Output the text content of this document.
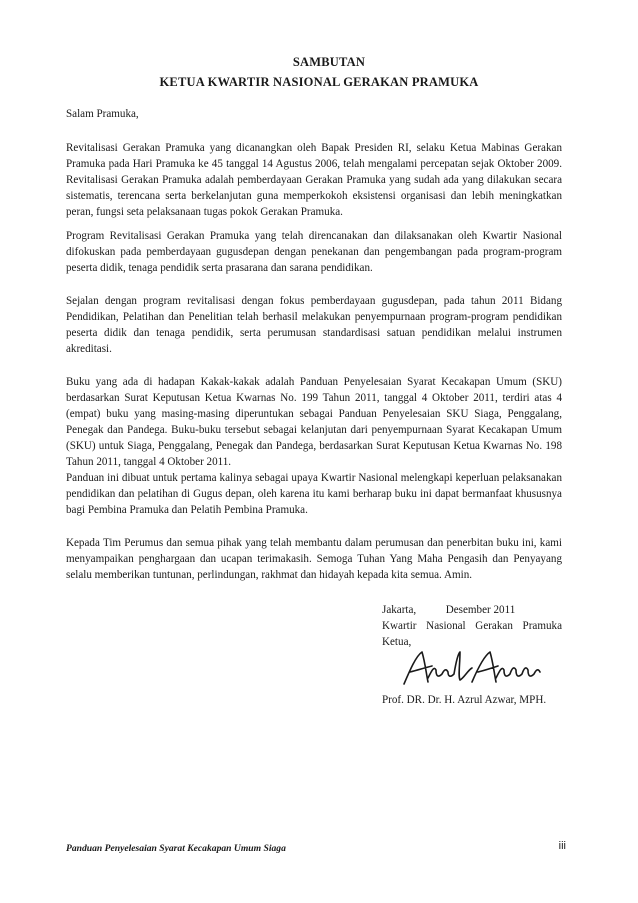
SAMBUTAN
KETUA KWARTIR NASIONAL GERAKAN PRAMUKA
Salam Pramuka,

Revitalisasi Gerakan Pramuka yang dicanangkan oleh Bapak Presiden RI, selaku Ketua Mabinas Gerakan Pramuka pada Hari Pramuka ke 45 tanggal 14 Agustus 2006, telah mengalami percepatan sejak Oktober 2009. Revitalisasi Gerakan Pramuka adalah pemberdayaan Gerakan Pramuka yang sudah ada yang dilakukan secara sistematis, terencana serta berkelanjutan guna memperkokoh eksistensi organisasi dan lebih meningkatkan peran, fungsi seta pelaksanaan tugas pokok Gerakan Pramuka.

Program Revitalisasi Gerakan Pramuka yang telah direncanakan dan dilaksanakan oleh Kwartir Nasional difokuskan pada pemberdayaan gugusdepan dengan penekanan dan pengembangan pada program-program peserta didik, tenaga pendidik serta prasarana dan sarana pendidikan.

Sejalan dengan program revitalisasi dengan fokus pemberdayaan gugusdepan, pada tahun 2011 Bidang Pendidikan, Pelatihan dan Penelitian telah berhasil melakukan penyempurnaan program-program pendidikan peserta didik dan tenaga pendidik, serta perumusan standardisasi satuan pendidikan melalui instrumen akreditasi.

Buku yang ada di hadapan Kakak-kakak adalah Panduan Penyelesaian Syarat Kecakapan Umum (SKU) berdasarkan Surat Keputusan Ketua Kwarnas No. 199 Tahun 2011, tanggal 4 Oktober 2011, terdiri atas 4 (empat) buku yang masing-masing diperuntukan sebagai Panduan Penyelesaian SKU Siaga, Penggalang, Penegak dan Pandega. Buku-buku tersebut sebagai kelanjutan dari penyempurnaan Syarat Kecakapan Umum (SKU) untuk Siaga, Penggalang, Penegak dan Pandega, berdasarkan Surat Keputusan Ketua Kwarnas No. 198 Tahun 2011, tanggal 4 Oktober 2011.

Panduan ini dibuat untuk pertama kalinya sebagai upaya Kwartir Nasional melengkapi keperluan pelaksanakan pendidikan dan pelatihan di Gugus depan, oleh karena itu kami berharap buku ini dapat bermanfaat khususnya bagi Pembina Pramuka dan Pelatih Pembina Pramuka.

Kepada Tim Perumus dan semua pihak yang telah membantu dalam perumusan dan penerbitan buku ini, kami menyampaikan penghargaan dan ucapan terimakasih. Semoga Tuhan Yang Maha Pengasih dan Penyayang selalu memberikan tuntunan, perlindungan, rakhmat dan hidayah kepada kita semua. Amin.

Jakarta,	Desember 2011
Kwartir Nasional Gerakan Pramuka
Ketua,
Prof. DR. Dr. H. Azrul Azwar, MPH.
Panduan Penyelesaian Syarat Kecakapan Umum Siaga	iii
